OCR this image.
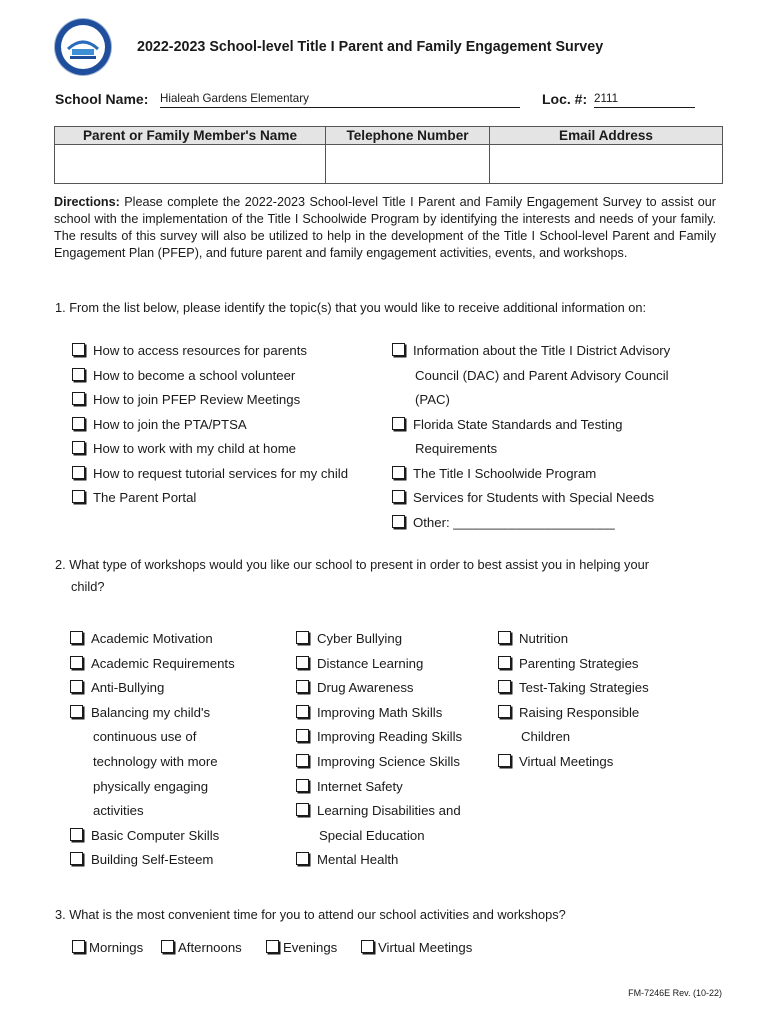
2022-2023 School-level Title I Parent and Family Engagement Survey
School Name: Hialeah Gardens Elementary	Loc. #: 2111
Parent or Family Member's Name	Telephone Number	Email Address

Directions: Please complete the 2022-2023 School-level Title I Parent and Family Engagement Survey to assist our school with the implementation of the Title I Schoolwide Program by identifying the interests and needs of your family. The results of this survey will also be utilized to help in the development of the Title I School-level Parent and Family Engagement Plan (PFEP), and future parent and family engagement activities, events, and workshops.
1. From the list below, please identify the topic(s) that you would like to receive additional information on:
How to access resources for parents
How to become a school volunteer
How to join PFEP Review Meetings
How to join the PTA/PTSA
How to work with my child at home
How to request tutorial services for my child
The Parent Portal
Information about the Title I District Advisory
Council (DAC) and Parent Advisory Council
(PAC)
Florida State Standards and Testing
Requirements
The Title I Schoolwide Program
Services for Students with Special Needs
Other: ______________________
2. What type of workshops would you like our school to present in order to best assist you in helping your
child?
Academic Motivation
Academic Requirements
Anti-Bullying
Balancing my child's
continuous use of
technology with more
physically engaging
activities
Basic Computer Skills
Building Self-Esteem
Cyber Bullying
Distance Learning
Drug Awareness
Improving Math Skills
Improving Reading Skills
Improving Science Skills
Internet Safety
Learning Disabilities and
Special Education
Mental Health
Nutrition
Parenting Strategies
Test-Taking Strategies
Raising Responsible
Children
Virtual Meetings
3. What is the most convenient time for you to attend our school activities and workshops?
Mornings	Afternoons	Evenings	Virtual Meetings
FM-7246E Rev. (10-22)
